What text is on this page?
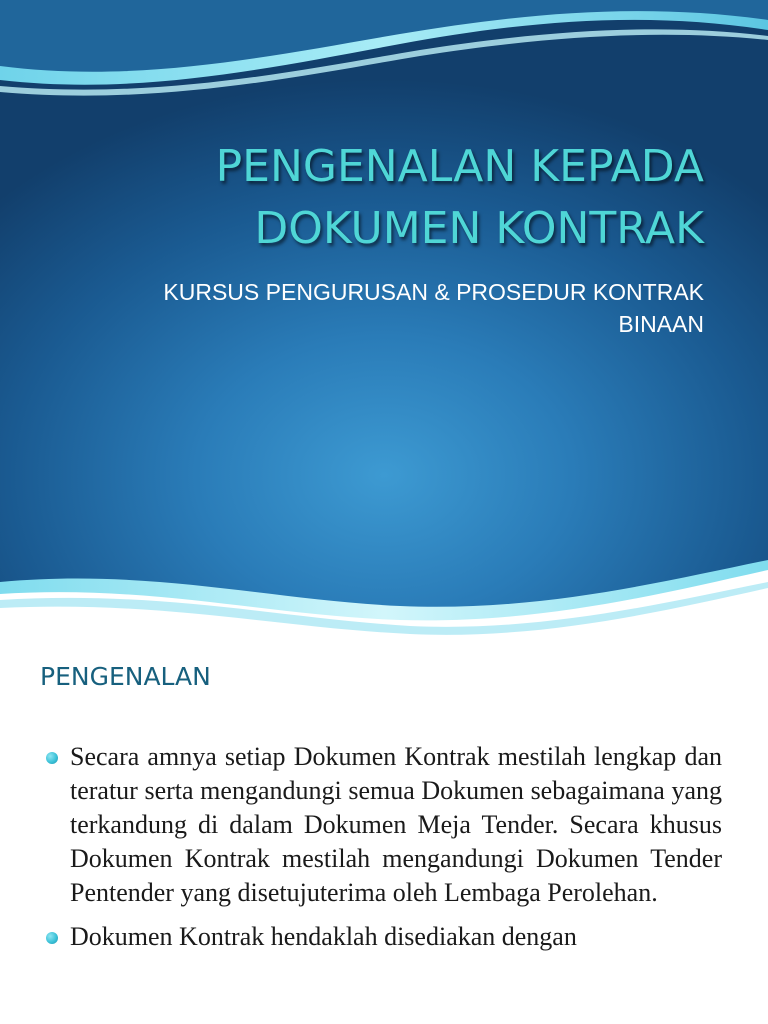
PENGENALAN KEPADA
DOKUMEN KONTRAK

KURSUS PENGURUSAN & PROSEDUR KONTRAK
BINAAN

PENGENALAN
Secara amnya setiap Dokumen Kontrak mestilah lengkap dan teratur serta mengandungi semua Dokumen sebagaimana yang terkandung di dalam Dokumen Meja Tender. Secara khusus Dokumen Kontrak mestilah mengandungi Dokumen Tender Pentender yang disetujuterima oleh Lembaga Perolehan.
Dokumen Kontrak hendaklah disediakan dengan
